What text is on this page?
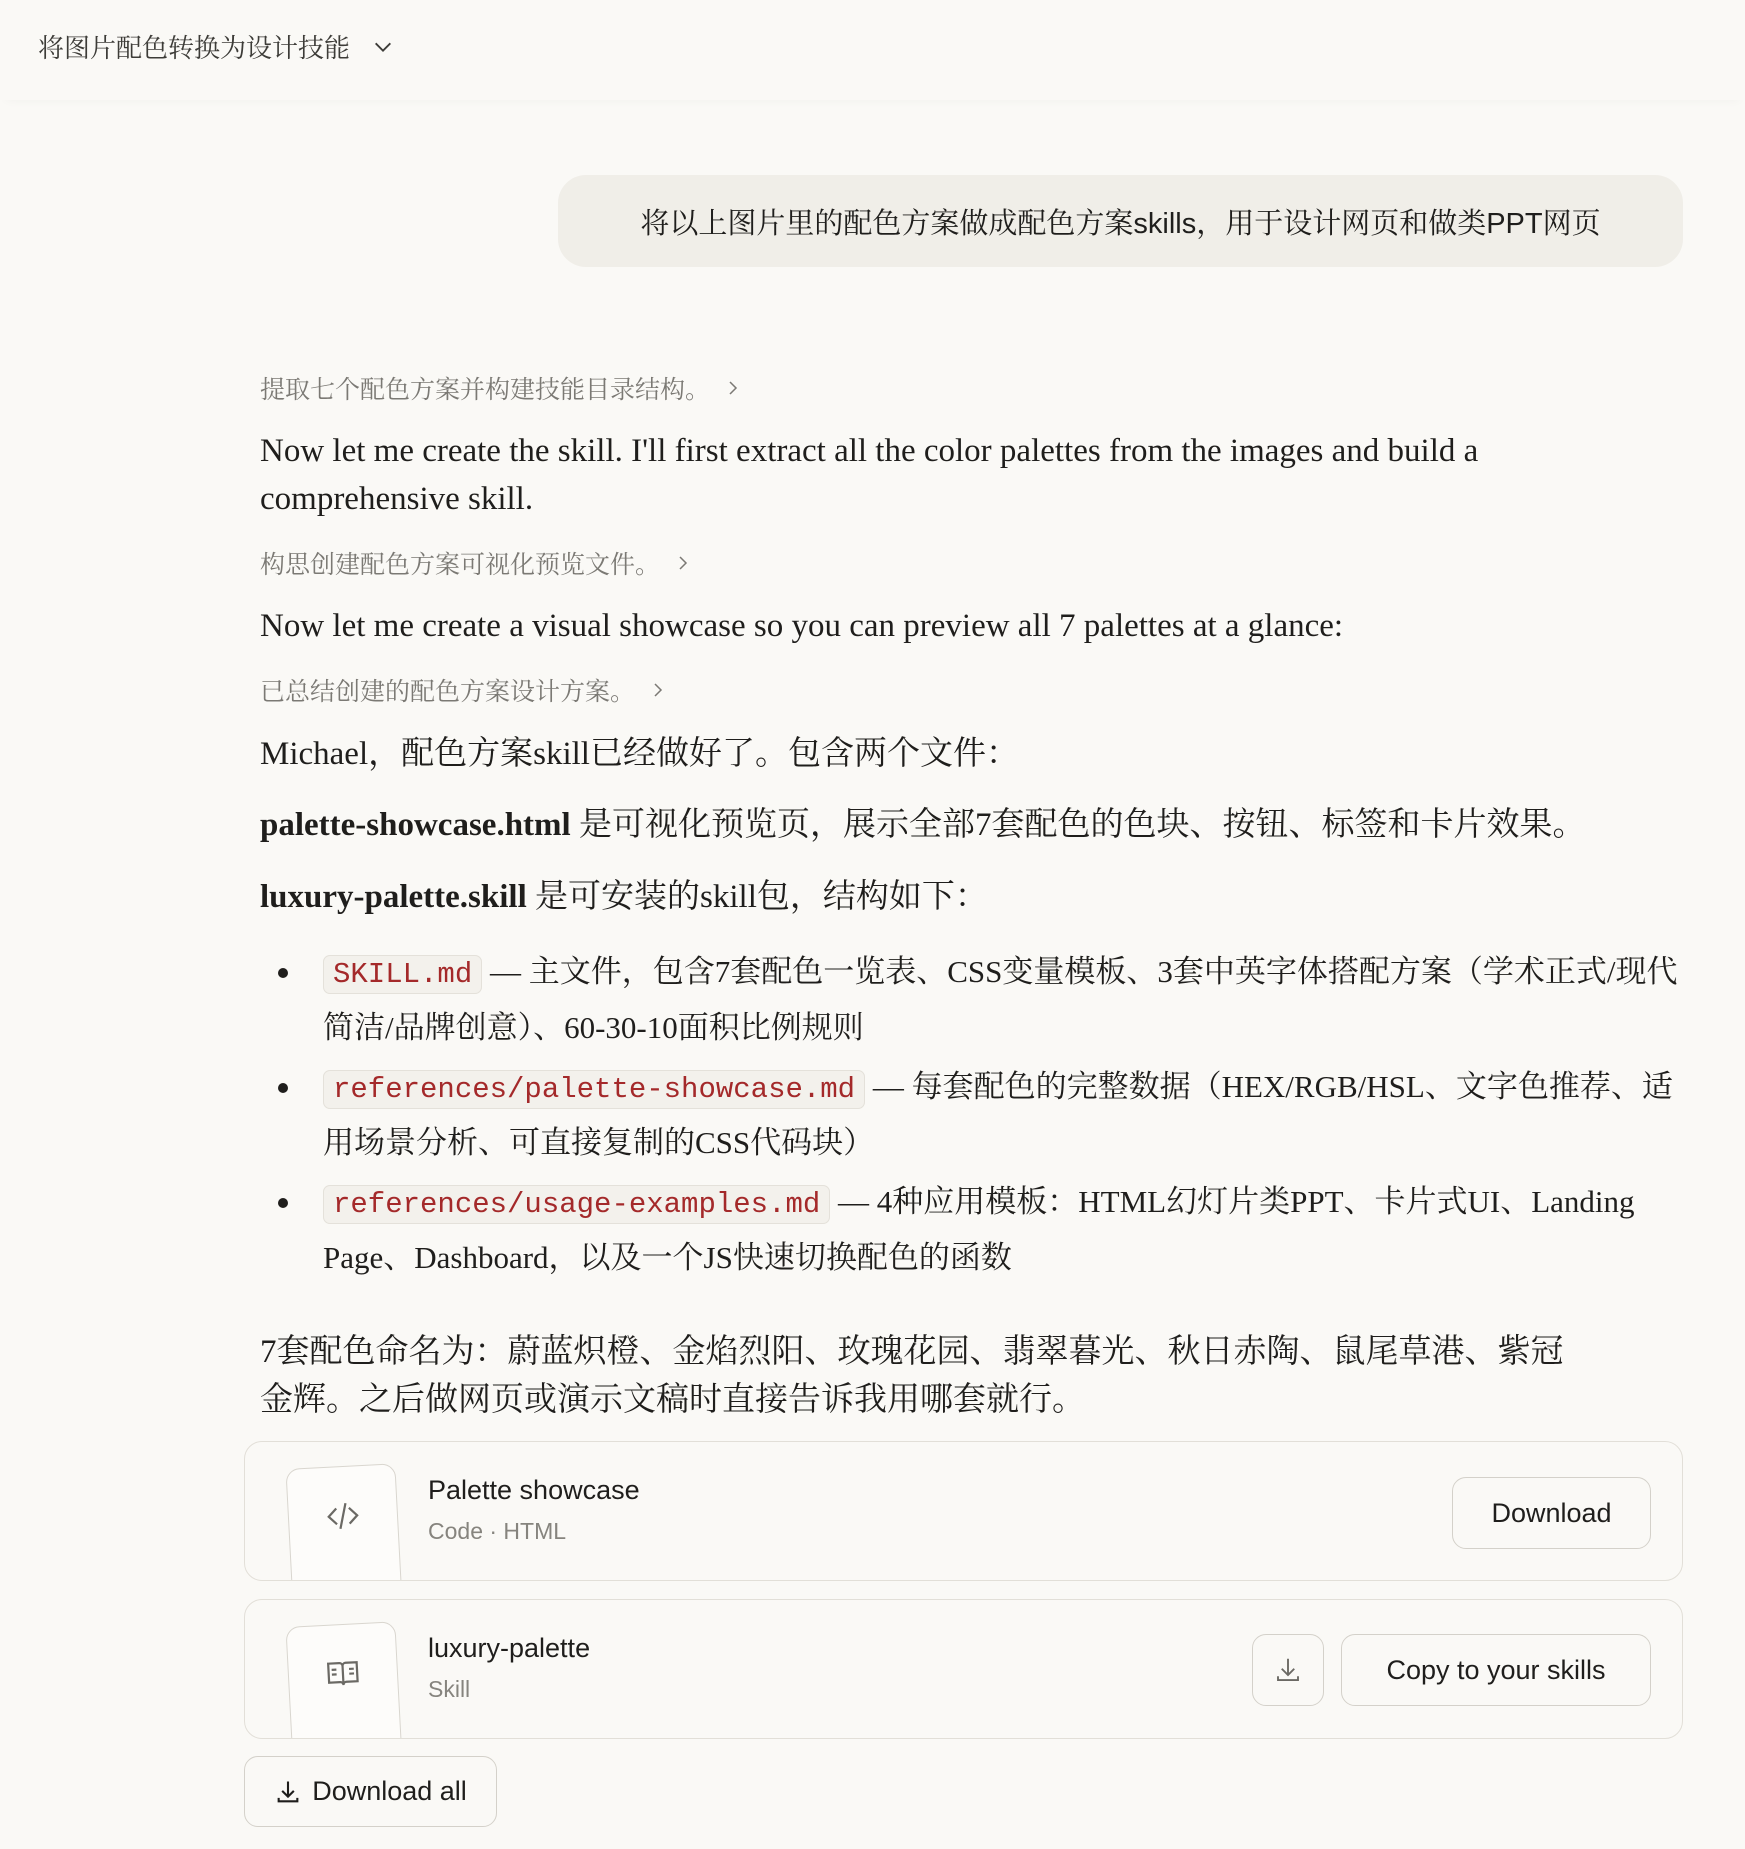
将图片配色转换为设计技能
将以上图片里的配色方案做成配色方案skills，用于设计网页和做类PPT网页
提取七个配色方案并构建技能目录结构。
Now let me create the skill. I'll first extract all the color palettes from the images and build a comprehensive skill.
构思创建配色方案可视化预览文件。
Now let me create a visual showcase so you can preview all 7 palettes at a glance:
已总结创建的配色方案设计方案。
Michael，配色方案skill已经做好了。包含两个文件：
palette-showcase.html 是可视化预览页，展示全部7套配色的色块、按钮、标签和卡片效果。
luxury-palette.skill 是可安装的skill包，结构如下：
SKILL.md — 主文件，包含7套配色一览表、CSS变量模板、3套中英字体搭配方案（学术正式/现代简洁/品牌创意）、60-30-10面积比例规则
references/palette-showcase.md — 每套配色的完整数据（HEX/RGB/HSL、文字色推荐、适用场景分析、可直接复制的CSS代码块）
references/usage-examples.md — 4种应用模板：HTML幻灯片类PPT、卡片式UI、Landing Page、Dashboard，以及一个JS快速切换配色的函数
7套配色命名为：蔚蓝炽橙、金焰烈阳、玫瑰花园、翡翠暮光、秋日赤陶、鼠尾草港、紫冠金辉。之后做网页或演示文稿时直接告诉我用哪套就行。
Palette showcase
Code · HTML
Download
luxury-palette
Skill
Copy to your skills
Download all
